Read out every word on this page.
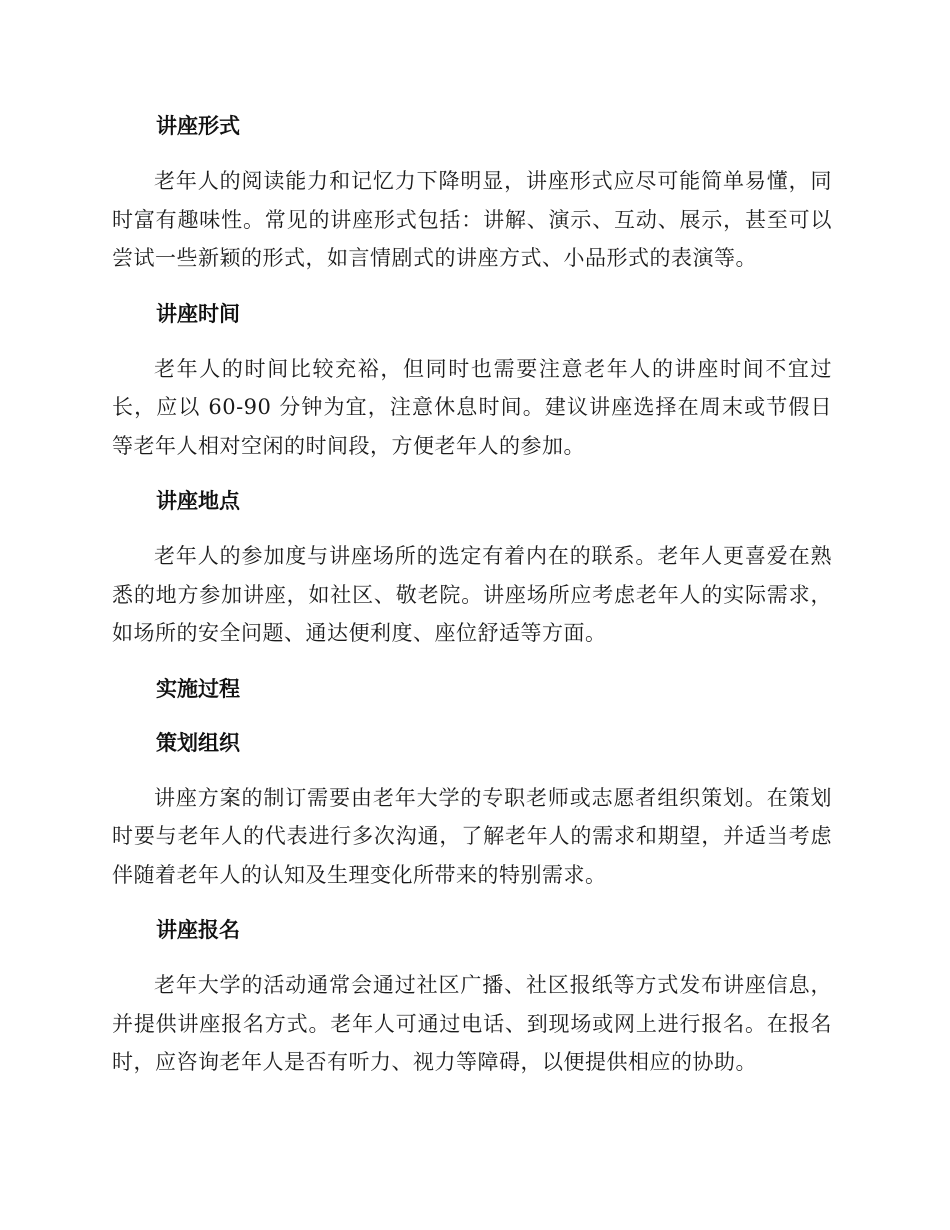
讲座形式

老年人的阅读能力和记忆力下降明显，讲座形式应尽可能简单易懂，同时富有趣味性。常见的讲座形式包括：讲解、演示、互动、展示，甚至可以尝试一些新颖的形式，如言情剧式的讲座方式、小品形式的表演等。

讲座时间

老年人的时间比较充裕，但同时也需要注意老年人的讲座时间不宜过长，应以 60-90 分钟为宜，注意休息时间。建议讲座选择在周末或节假日等老年人相对空闲的时间段，方便老年人的参加。

讲座地点

老年人的参加度与讲座场所的选定有着内在的联系。老年人更喜爱在熟悉的地方参加讲座，如社区、敬老院。讲座场所应考虑老年人的实际需求，如场所的安全问题、通达便利度、座位舒适等方面。

实施过程
策划组织

讲座方案的制订需要由老年大学的专职老师或志愿者组织策划。在策划时要与老年人的代表进行多次沟通，了解老年人的需求和期望，并适当考虑伴随着老年人的认知及生理变化所带来的特别需求。

讲座报名

老年大学的活动通常会通过社区广播、社区报纸等方式发布讲座信息，并提供讲座报名方式。老年人可通过电话、到现场或网上进行报名。在报名时，应咨询老年人是否有听力、视力等障碍，以便提供相应的协助。
